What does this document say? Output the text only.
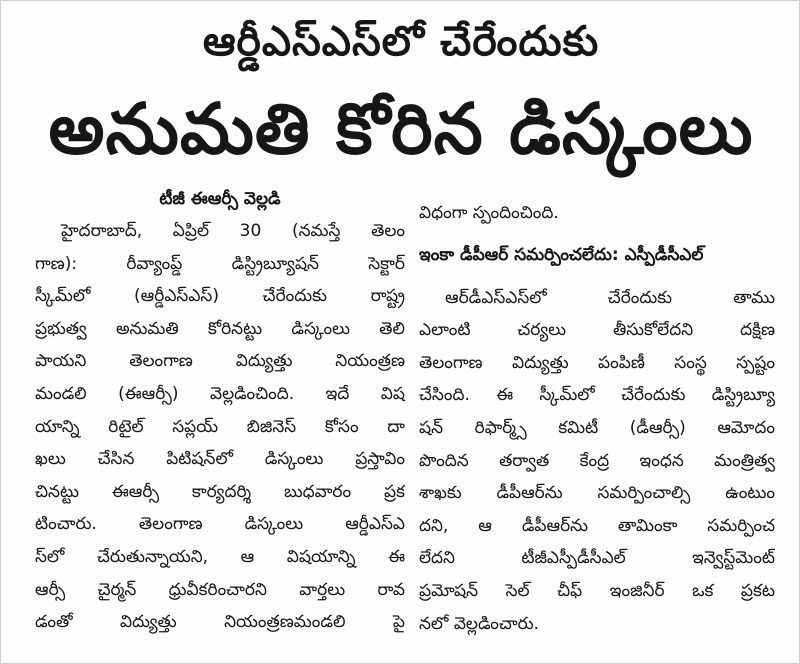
ఆర్డీఎస్ఎస్‌లో చేరేందుకు
అనుమతి కోరిన డిస్కంలు
టీజీ ఈఆర్సీ వెల్లడి
హైదరాబాద్, ఏప్రిల్ 30 (నమస్తే తెలం
గాణ): రీవ్యాంప్డ్ డిస్ట్రిబ్యూషన్ సెక్టార్
స్కీమ్‌లో (ఆర్డీఎస్ఎస్) చేరేందుకు రాష్ట్ర
ప్రభుత్వ అనుమతి కోరినట్టు డిస్కంలు తెలి
పాయని తెలంగాణ విద్యుత్తు నియంత్రణ
మండలి (ఈఆర్సీ) వెల్లడించింది. ఇదే విష
యాన్ని రిటైల్ సప్లయ్ బిజినెస్ కోసం దా
ఖలు చేసిన పిటిషన్‌లో డిస్కంలు ప్రస్తావిం
చినట్టు ఈఆర్సీ కార్యదర్శి బుధవారం ప్రక
టించారు. తెలంగాణ డిస్కంలు ఆర్డీఎస్ఎ
స్‌లో చేరుతున్నాయని, ఆ విషయాన్ని ఈ
ఆర్సీ చైర్మన్ ధ్రువీకరించారని వార్తలు రావ
డంతో విద్యుత్తు నియంత్రణమండలి పై
విధంగా స్పందించింది.
ఇంకా డీపీఆర్ సమర్పించలేదు: ఎస్పీడీసీఎల్
ఆర్‌డీఎస్ఎస్‌లో చేరేందుకు తాము
ఎలాంటి చర్యలు తీసుకోలేదని దక్షిణ
తెలంగాణ విద్యుత్తు పంపిణీ సంస్థ స్పష్టం
చేసింది. ఈ స్కీమ్‌లో చేరేందుకు డిస్ట్రిబ్యూ
షన్ రిఫార్మ్స్ కమిటీ (డీఆర్సీ) ఆమోదం
పొందిన తర్వాత కేంద్ర ఇంధన మంత్రిత్వ
శాఖకు డీపీఆర్‌ను సమర్పించాల్సి ఉంటుం
దని, ఆ డీపీఆర్‌ను తామింకా సమర్పించ
లేదని టీజీఎస్పీడీసీఎల్ ఇన్వెస్ట్‌మెంట్
ప్రమోషన్ సెల్ చీఫ్ ఇంజినీర్ ఒక ప్రకట
నలో వెల్లడించారు.
